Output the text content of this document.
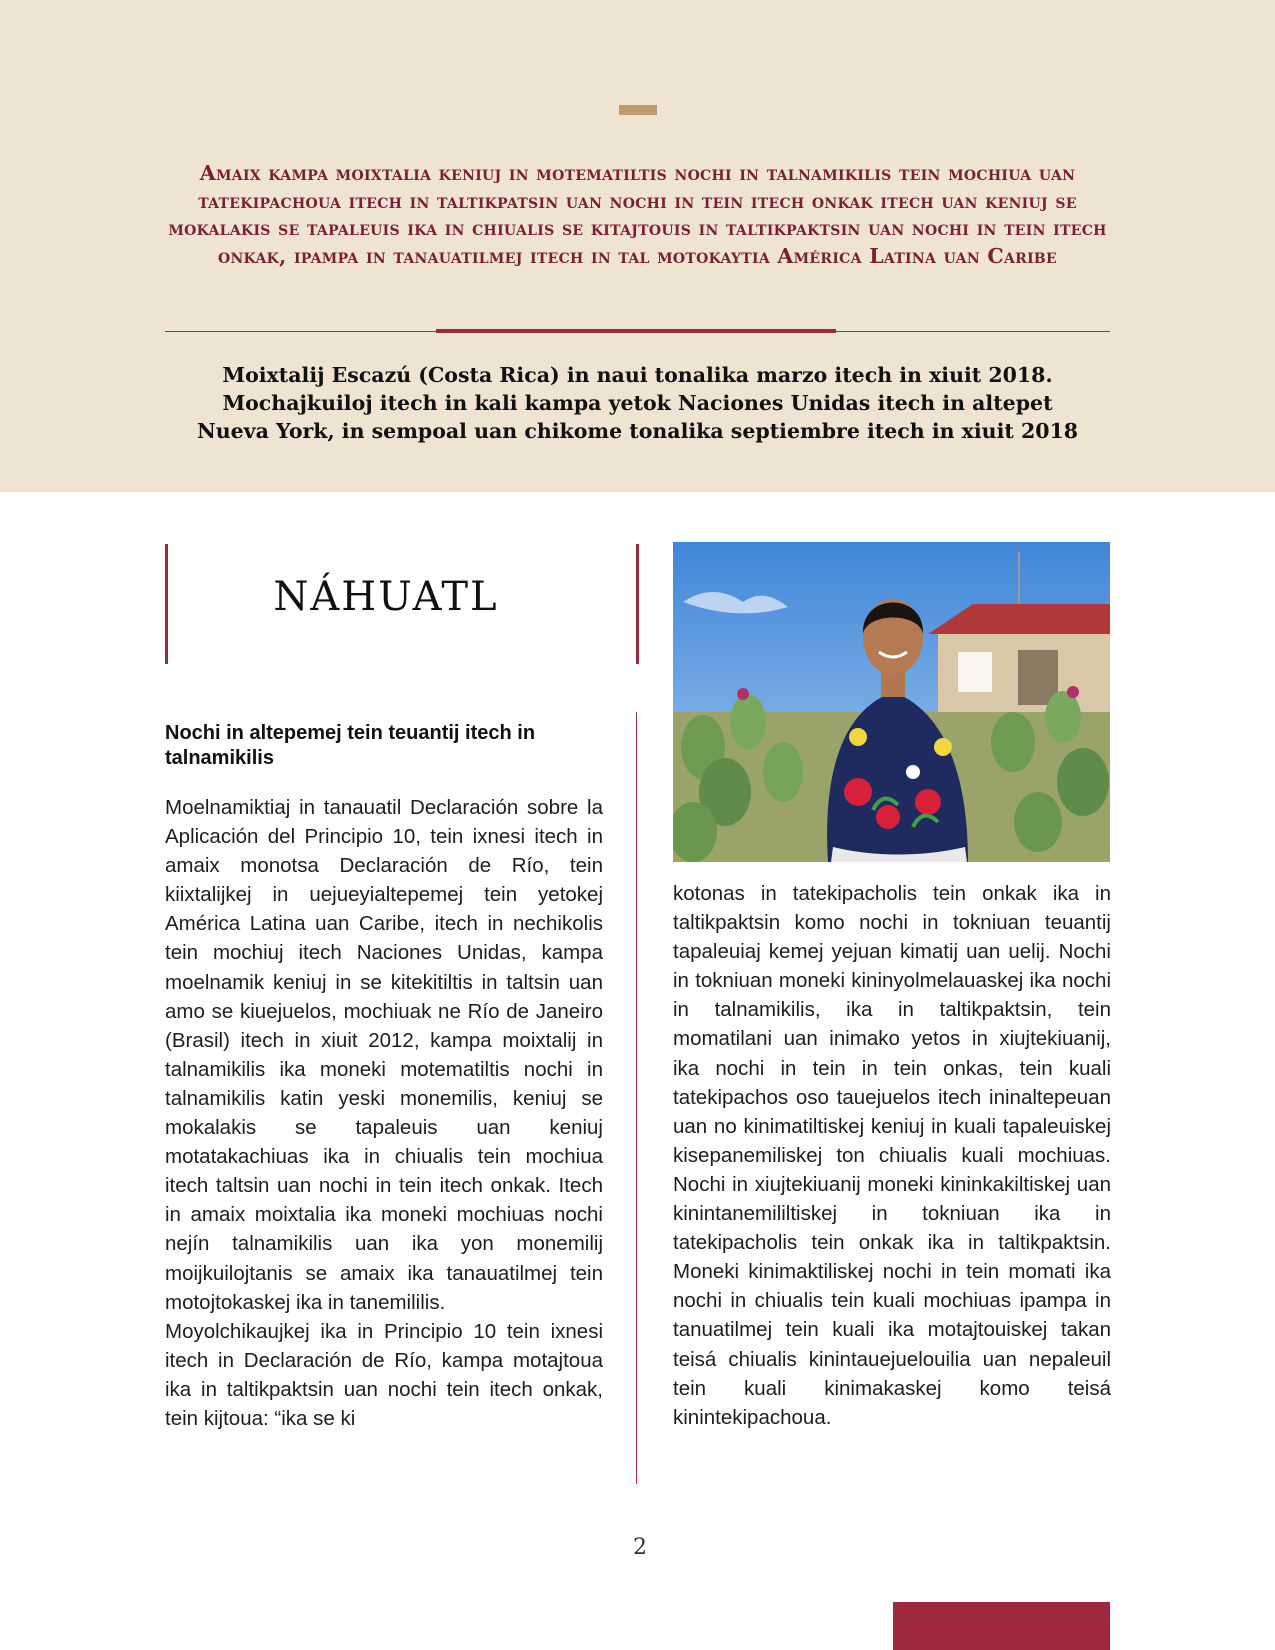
Amaix kampa moixtalia keniuj in motematiltis nochi in talnamikilis tein mochiua uan tatekipachoua itech in taltikpatsin uan nochi in tein itech onkak itech uan keniuj se mokalakis se tapaleuis ika in chiualis se kitajtouis in taltikpaktsin uan nochi in tein itech onkak, ipampa in tanauatilmej itech in tal motokaytia América Latina uan Caribe

Moixtalij Escazú (Costa Rica) in naui tonalika marzo itech in xiuit 2018.
Mochajkuiloj itech in kali kampa yetok Naciones Unidas itech in altepet
Nueva York, in sempoal uan chikome tonalika septiembre itech in xiuit 2018

NÁHUATL
Nochi in altepemej tein teuantij itech in talnamikilis

Moelnamiktiaj in tanauatil Declaración sobre la Aplicación del Principio 10, tein ixnesi itech in amaix monotsa Declaración de Río, tein kiixtalijkej in uejueyialtepemej tein yetokej América Latina uan Caribe, itech in nechikolis tein mochiuj itech Naciones Unidas, kampa moelnamik keniuj in se kitekitiltis in taltsin uan amo se kiuejuelos, mochiuak ne Río de Janeiro (Brasil) itech in xiuit 2012, kampa moixtalij in talnamikilis ika moneki motematiltis nochi in talnamikilis katin yeski monemilis, keniuj se mokalakis se tapaleuis uan keniuj motatakachiuas ika in chiualis tein mochiua itech taltsin uan nochi in tein itech onkak. Itech in amaix moixtalia ika moneki mochiuas nochi nejín talnamikilis uan ika yon monemilij moijkuilojtanis se amaix ika tanauatilmej tein motojtokaskej ika in tanemililis.

Moyolchikaujkej ika in Principio 10 tein ixnesi itech in Declaración de Río, kampa motajtoua ika in taltikpaktsin uan nochi tein itech onkak, tein kijtoua: “ika se ki

kotonas in tatekipacholis tein onkak ika in taltikpaktsin komo nochi in tokniuan teuantij tapaleuiaj kemej yejuan kimatij uan uelij. Nochi in tokniuan moneki kininyolmelauaskej ika nochi in talnamikilis, ika in taltikpaktsin, tein momatilani uan inimako yetos in xiujtekiuanij, ika nochi in tein in tein onkas, tein kuali tatekipachos oso tauejuelos itech ininaltepeuan uan no kinimatiltiskej keniuj in kuali tapaleuiskej kisepanemiliskej ton chiualis kuali mochiuas. Nochi in xiujtekiuanij moneki kininkakiltiskej uan kinintanemililtiskej in tokniuan ika in tatekipacholis tein onkak ika in taltikpaktsin. Moneki kinimaktiliskej nochi in tein momati ika nochi in chiualis tein kuali mochiuas ipampa in tanuatilmej tein kuali ika motajtouiskej takan teisá chiualis kinintauejuelouilia uan nepaleuil tein kuali kinimakaskej komo teisá kinintekipachoua.

2
